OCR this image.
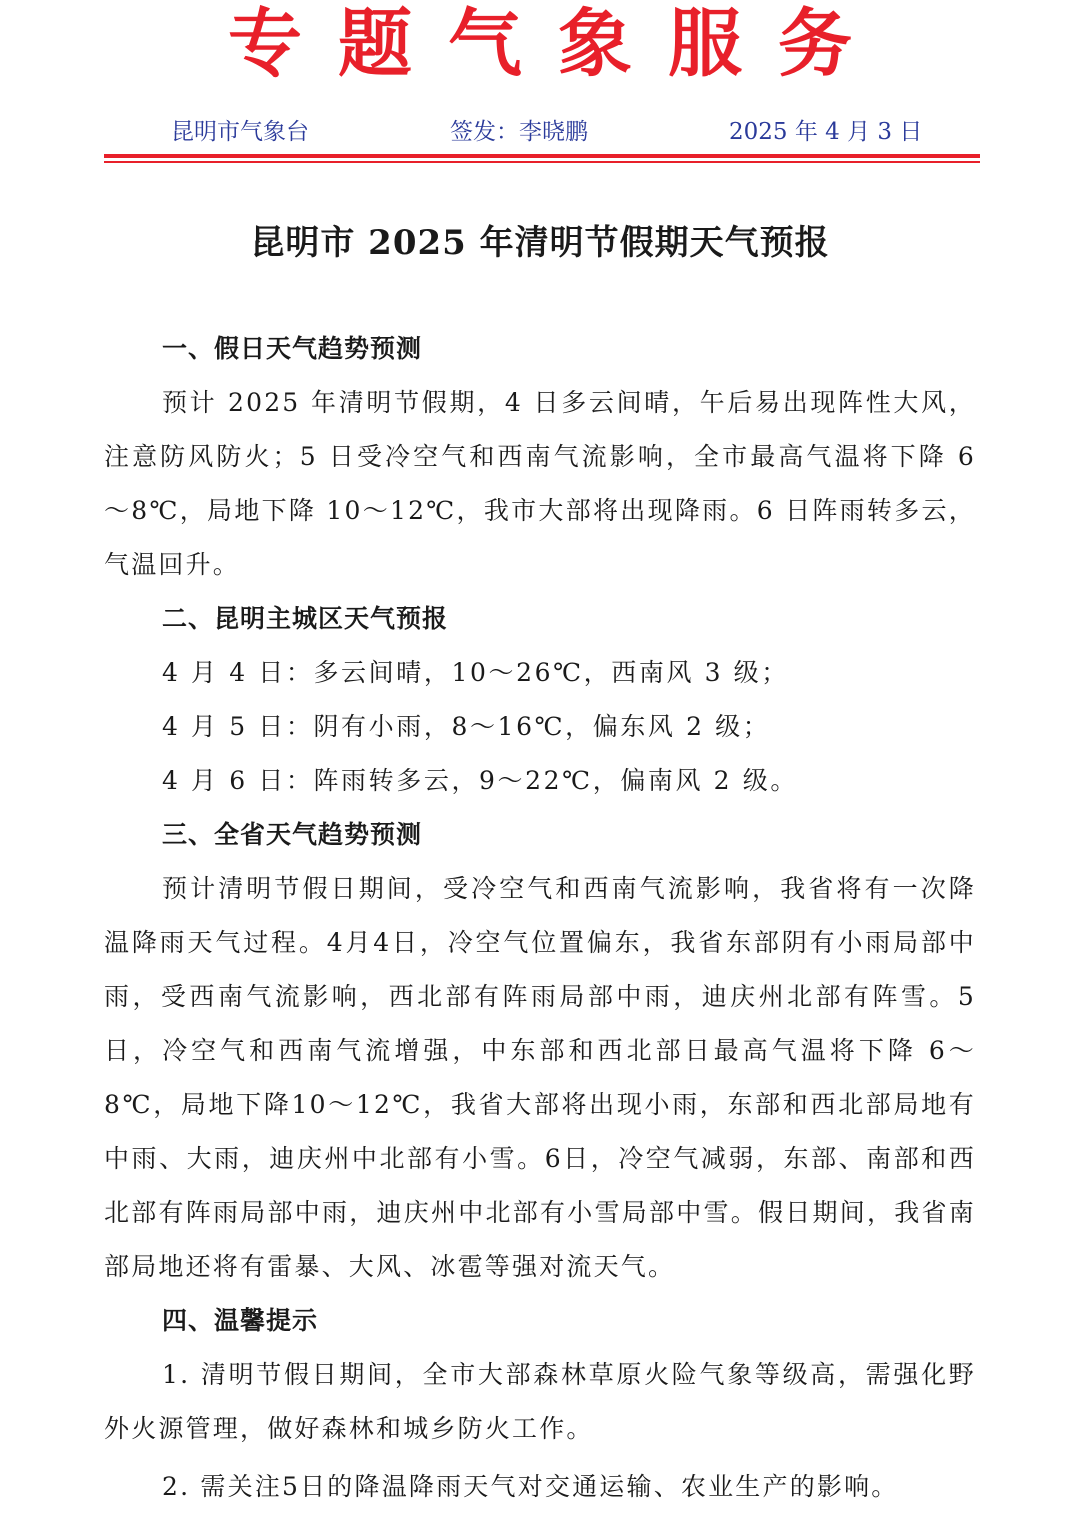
专题气象服务
昆明市气象台	签发：李晓鹏	2025 年 4 月 3 日
昆明市 2025 年清明节假期天气预报

一、假日天气趋势预测

预计 2025 年清明节假期，4 日多云间晴，午后易出现阵性大风，注意防风防火；5 日受冷空气和西南气流影响，全市最高气温将下降 6～8℃，局地下降 10～12℃，我市大部将出现降雨。6 日阵雨转多云，气温回升。

二、昆明主城区天气预报

4 月 4 日：多云间晴，10～26℃，西南风 3 级；

4 月 5 日：阴有小雨，8～16℃，偏东风 2 级；

4 月 6 日：阵雨转多云，9～22℃，偏南风 2 级。

三、全省天气趋势预测

预计清明节假日期间，受冷空气和西南气流影响，我省将有一次降温降雨天气过程。4月4日，冷空气位置偏东，我省东部阴有小雨局部中雨，受西南气流影响，西北部有阵雨局部中雨，迪庆州北部有阵雪。5日，冷空气和西南气流增强，中东部和西北部日最高气温将下降 6～8℃，局地下降10～12℃，我省大部将出现小雨，东部和西北部局地有中雨、大雨，迪庆州中北部有小雪。6日，冷空气减弱，东部、南部和西北部有阵雨局部中雨，迪庆州中北部有小雪局部中雪。假日期间，我省南部局地还将有雷暴、大风、冰雹等强对流天气。

四、温馨提示

1. 清明节假日期间，全市大部森林草原火险气象等级高，需强化野外火源管理，做好森林和城乡防火工作。

2. 需关注5日的降温降雨天气对交通运输、农业生产的影响。
